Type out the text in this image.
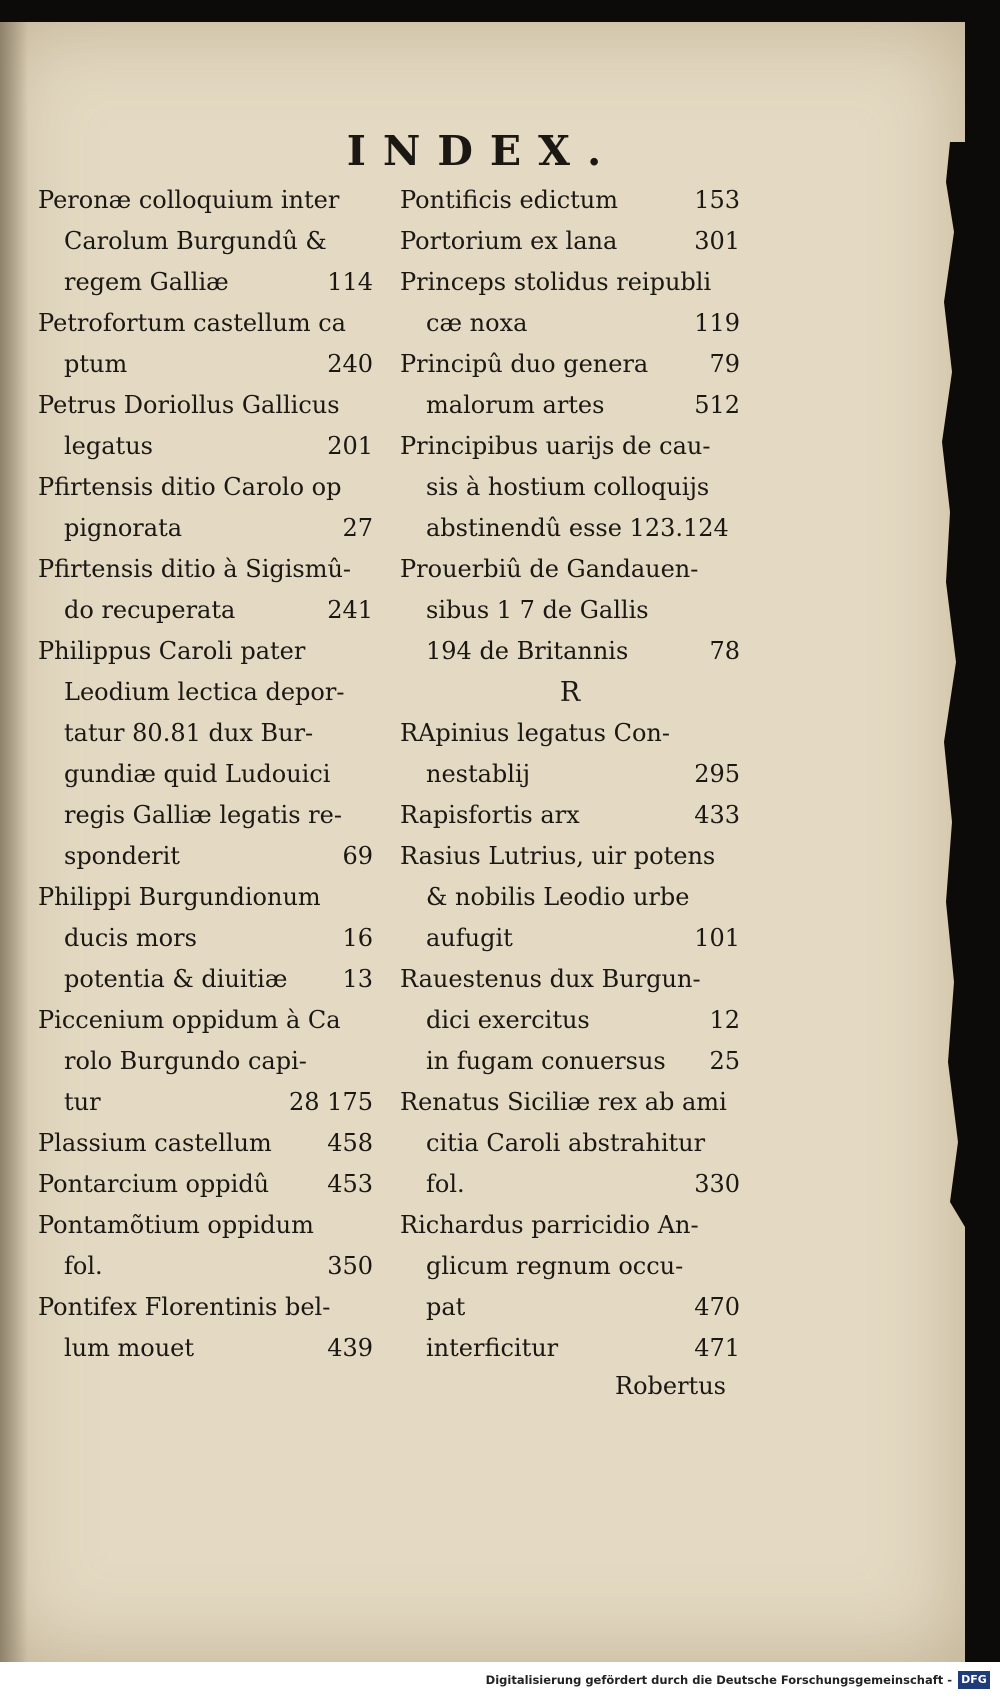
INDEX.
Peronæ colloquium inter
Carolum Burgundû &
regem Galliæ	114
Petrofortum castellum ca
ptum	240
Petrus Doriollus Gallicus
legatus	201
Pfirtensis ditio Carolo op
pignorata	27
Pfirtensis ditio à Sigismû-
do recuperata	241
Philippus Caroli pater
Leodium lectica depor-
tatur 80.81 dux Bur-
gundiæ quid Ludouici
regis Galliæ legatis re-
sponderit	69
Philippi Burgundionum
ducis mors	16
potentia & diuitiæ	13
Piccenium oppidum à Ca
rolo Burgundo capi-
tur	28 175
Plassium castellum	458
Pontarcium oppidû	453
Pontamõtium oppidum
fol.	350
Pontifex Florentinis bel-
lum mouet	439
Pontificis edictum	153
Portorium ex lana	301
Princeps stolidus reipubli
cæ noxa	119
Principû duo genera	79
malorum artes	512
Principibus uarijs de cau-
sis à hostium colloquijs
abstinendû esse 123.124
Prouerbiû de Gandauen-
sibus 1 7 de Gallis
194 de Britannis	78
R
RApinius legatus Con-
nestablij	295
Rapisfortis arx	433
Rasius Lutrius, uir potens
& nobilis Leodio urbe
aufugit	101
Rauestenus dux Burgun-
dici exercitus	12
in fugam conuersus	25
Renatus Siciliæ rex ab ami
citia Caroli abstrahitur
fol.	330
Richardus parricidio An-
glicum regnum occu-
pat	470
interficitur	471
Robertus
Digitalisierung gefördert durch die Deutsche Forschungsgemeinschaft - DFG
